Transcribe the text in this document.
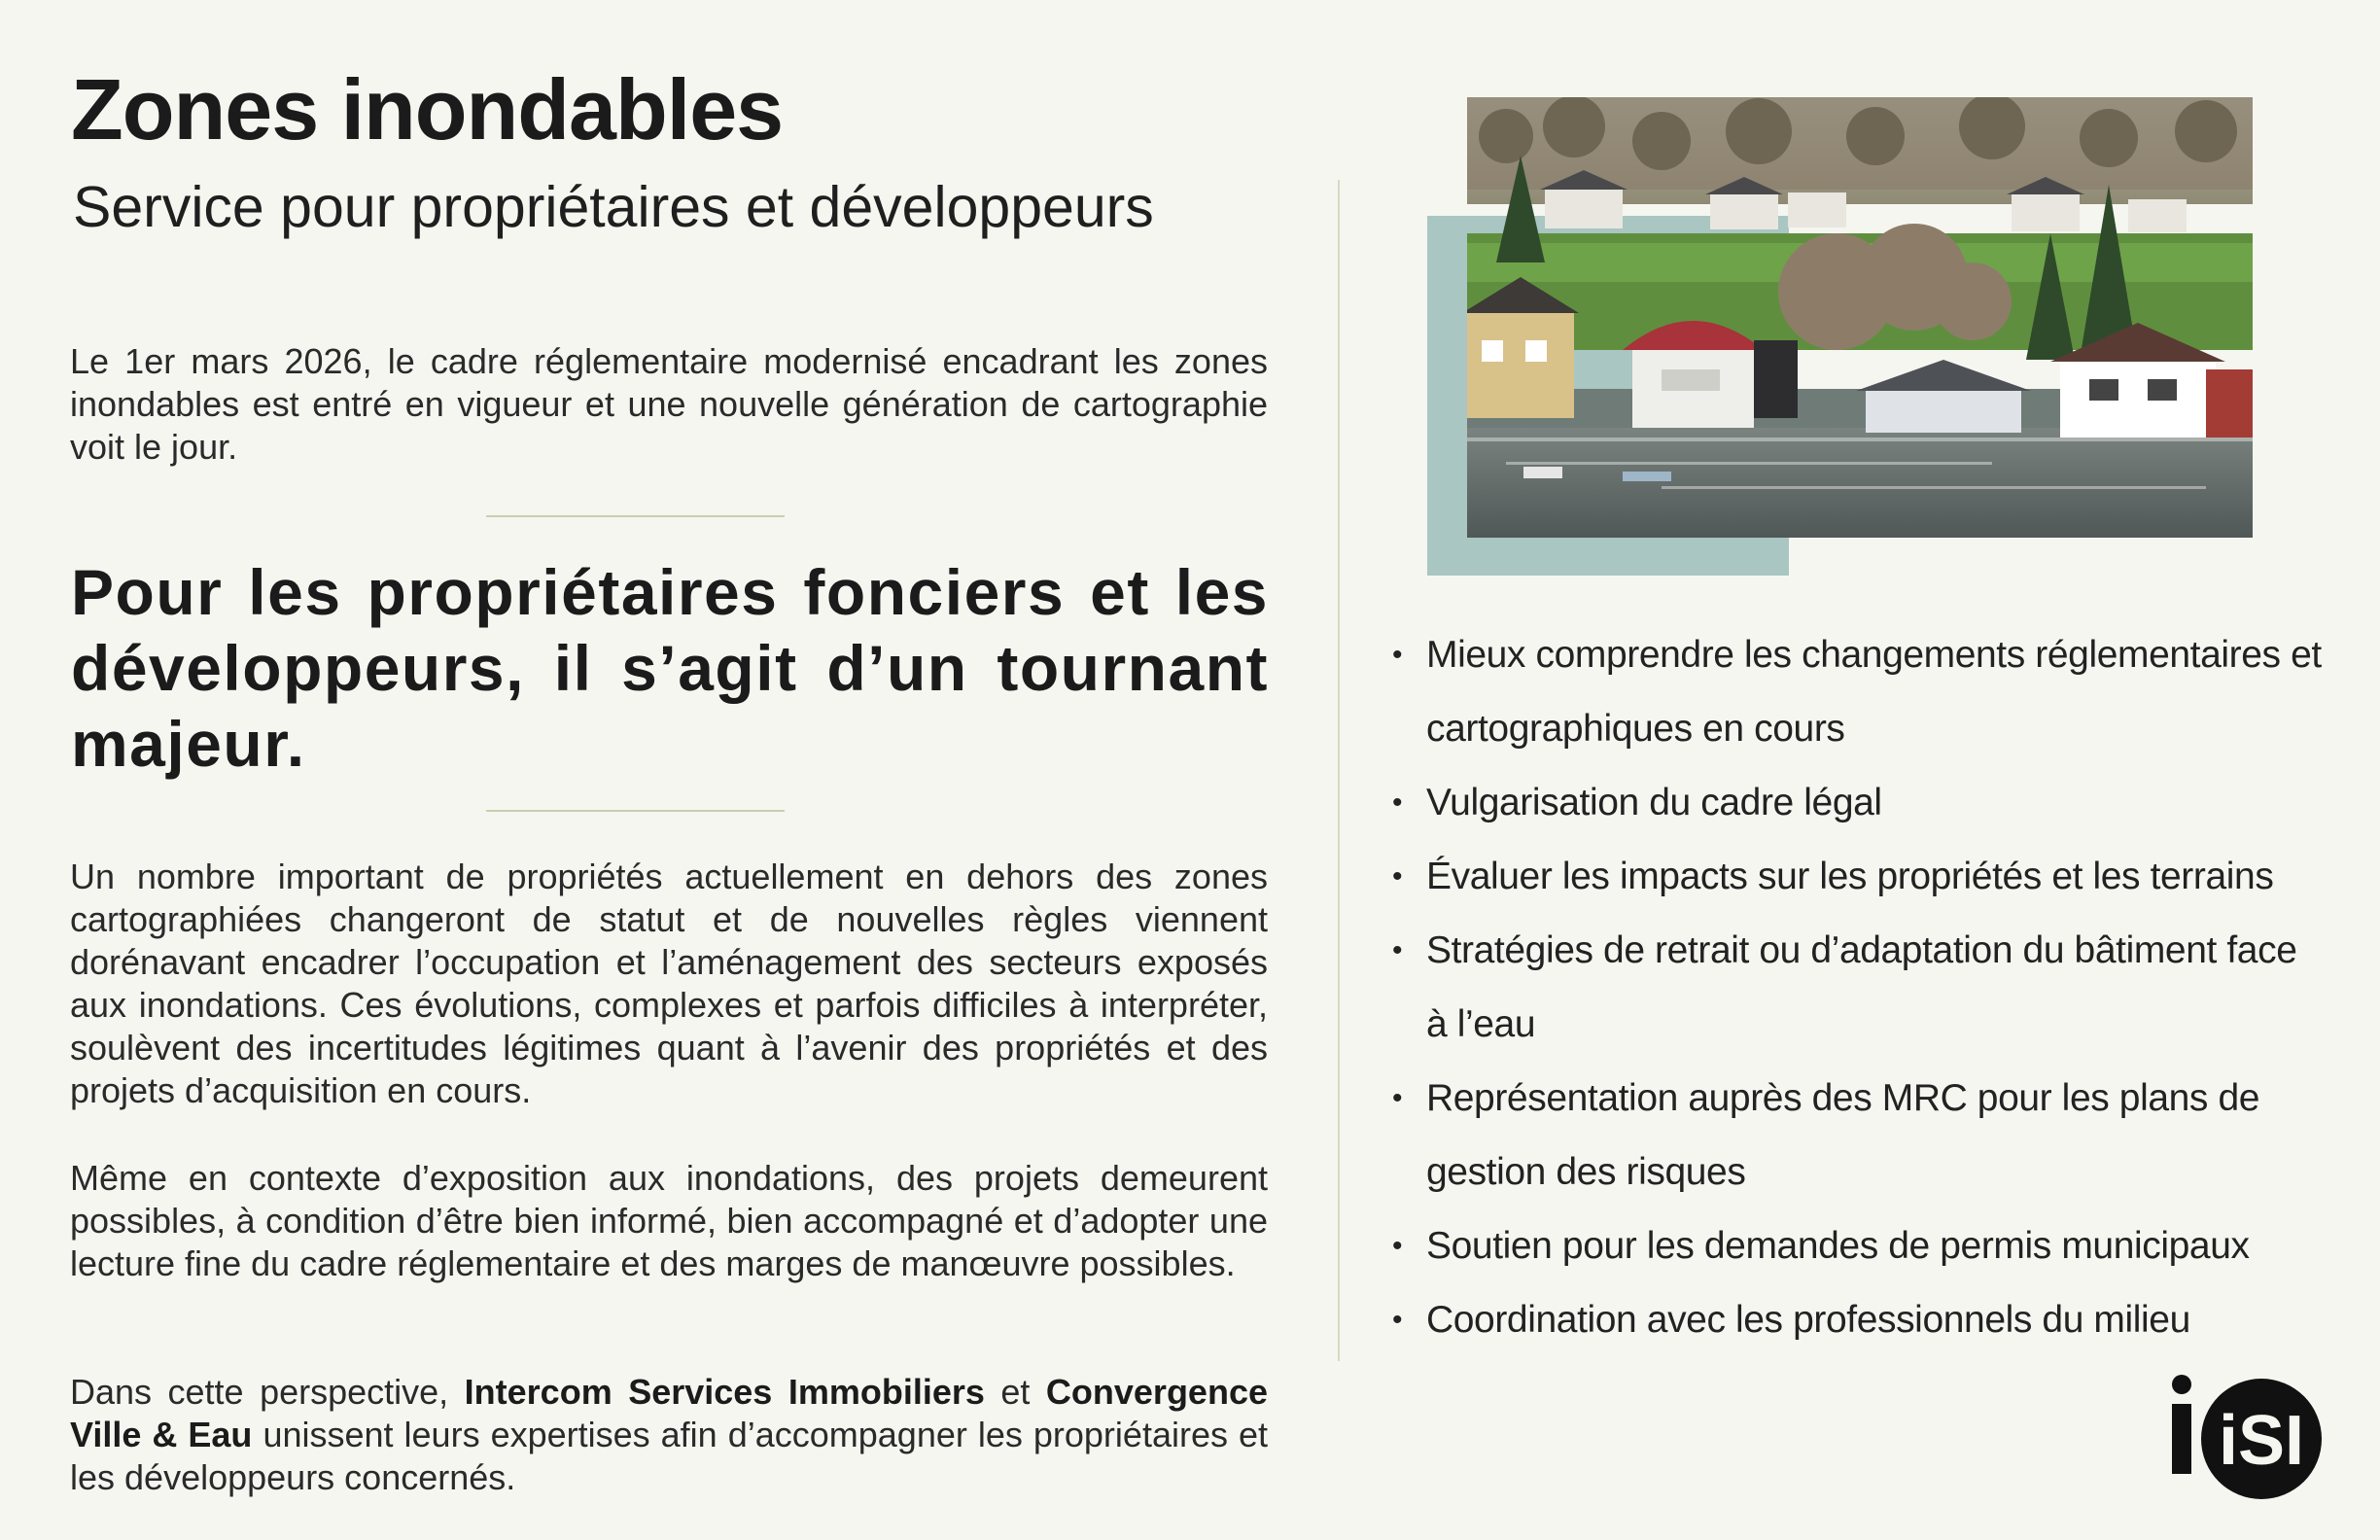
Zones inondables
Service pour propriétaires et développeurs

Le 1er mars 2026, le cadre réglementaire modernisé encadrant les zones inondables est entré en vigueur et une nouvelle génération de cartographie voit le jour.

Pour les propriétaires fonciers et les développeurs, il s’agit d’un tournant majeur.

Un nombre important de propriétés actuellement en dehors des zones cartographiées changeront de statut et de nouvelles règles viennent dorénavant encadrer l’occupation et l’aménagement des secteurs exposés aux inondations. Ces évolutions, complexes et parfois difficiles à interpréter, soulèvent des incertitudes légitimes quant à l’avenir des propriétés et des projets d’acquisition en cours.

Même en contexte d’exposition aux inondations, des projets demeurent possibles, à condition d’être bien informé, bien accompagné et d’adopter une lecture fine du cadre réglementaire et des marges de manœuvre possibles.

Dans cette perspective, Intercom Services Immobiliers et Convergence Ville & Eau unissent leurs expertises afin d’accompagner les propriétaires et les développeurs concernés.

• Mieux comprendre les changements réglementaires et cartographiques en cours
• Vulgarisation du cadre légal
• Évaluer les impacts sur les propriétés et les terrains
• Stratégies de retrait ou d’adaptation du bâtiment face à l’eau
• Représentation auprès des MRC pour les plans de gestion des risques
• Soutien pour les demandes de permis municipaux
• Coordination avec les professionnels du milieu
iSI
